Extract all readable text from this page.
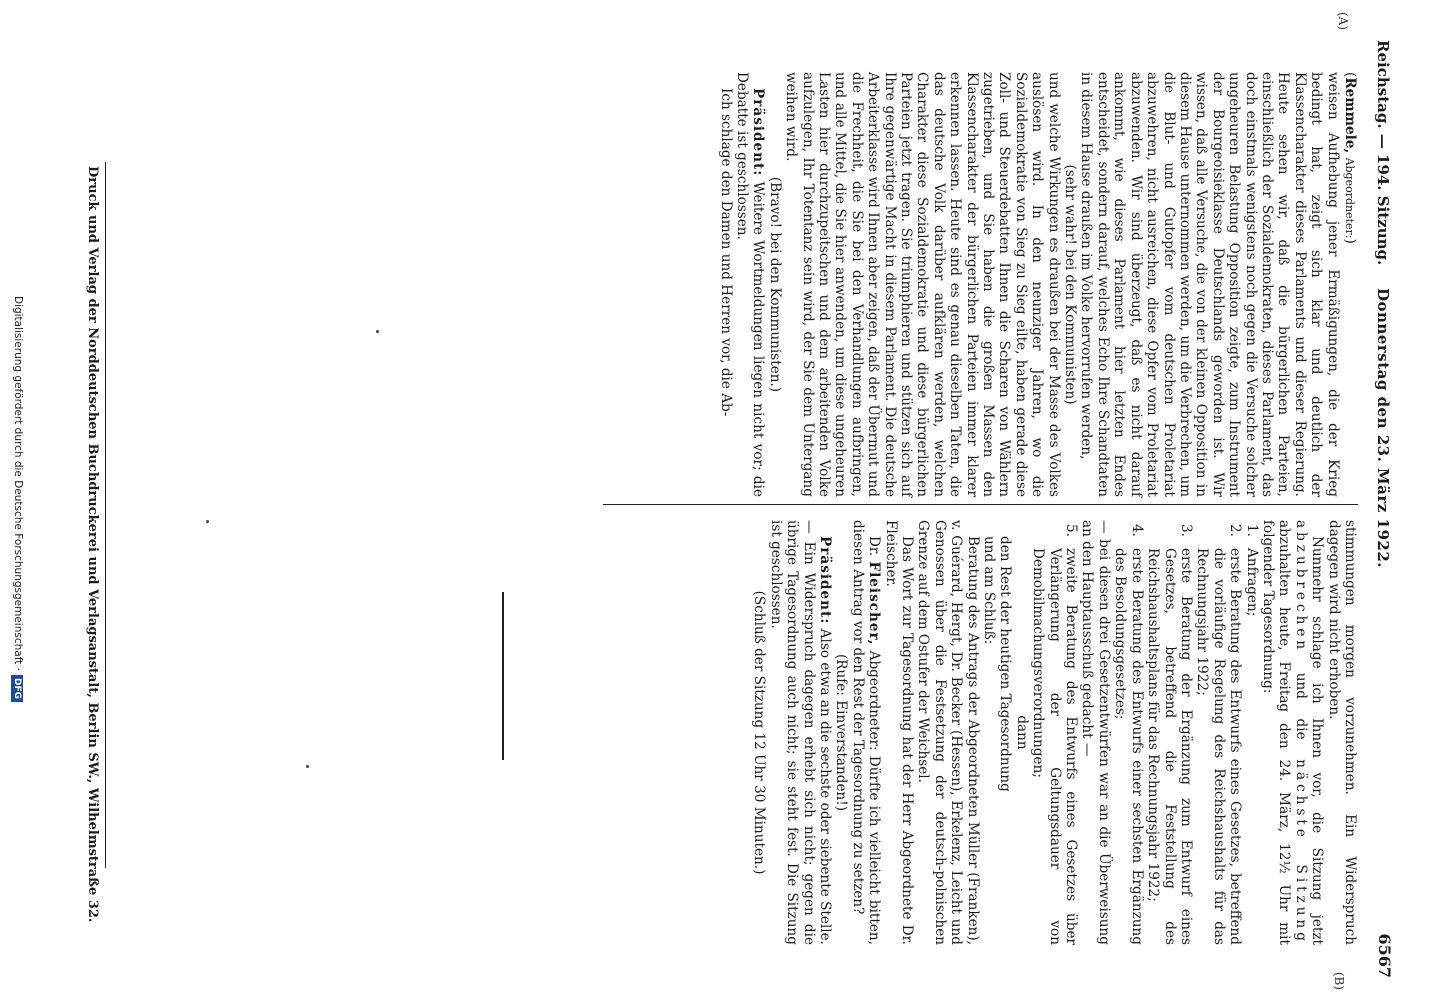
Reichstag. — 194. Sitzung.
Donnerstag den 23. März 1922.
6567
(A)
(B)

(Remmele, Abgeordneter:)

weisen Aufhebung jener Ermäßigungen, die der Krieg bedingt hat, zeigt sich klar und deutlich der Klassencharakter dieses Parlaments und dieser Regierung. Heute sehen wir, daß die bürgerlichen Parteien, einschließlich der Sozialdemokraten, dieses Parlament, das doch einstmals wenigstens noch gegen die Versuche solcher ungeheuren Belastung Opposition zeigte, zum Instrument der Bourgeoisieklasse Deutschlands geworden ist. Wir wissen, daß alle Versuche, die von der kleinen Opposition in diesem Hause unternommen werden, um die Verbrechen, um die Blut- und Gutopfer vom deutschen Proletariat abzuwehren, nicht ausreichen, diese Opfer vom Proletariat abzuwenden. Wir sind überzeugt, daß es nicht darauf ankommt, wie dieses Parlament hier letzten Endes entscheidet, sondern darauf, welches Echo Ihre Schandtaten in diesem Hause draußen im Volke hervorrufen werden,

(sehr wahr! bei den Kommunisten)

und welche Wirkungen es draußen bei der Masse des Volkes auslösen wird. In den neunziger Jahren, wo die Sozialdemokratie von Sieg zu Sieg eilte, haben gerade diese Zoll- und Steuerdebatten Ihnen die Scharen von Wählern zugetrieben, und Sie haben die großen Massen den Klassencharakter der bürgerlichen Parteien immer klarer erkennen lassen. Heute sind es genau dieselben Taten, die das deutsche Volk darüber aufklären werden, welchen Charakter diese Sozialdemokratie und diese bürgerlichen Parteien jetzt tragen. Sie triumphieren und stützen sich auf Ihre gegenwärtige Macht in diesem Parlament. Die deutsche Arbeiterklasse wird Ihnen aber zeigen, daß der Übermut und die Frechheit, die Sie bei den Verhandlungen aufbringen, und alle Mittel, die Sie hier anwenden, um diese ungeheuren Lasten hier durchzupeitschen und dem arbeitenden Volke aufzulegen, Ihr Totentanz sein wird, der Sie dem Untergang weihen wird.

(Bravo! bei den Kommunisten.)

Präsident: Weitere Wortmeldungen liegen nicht vor; die Debatte ist geschlossen.

Ich schlage den Damen und Herren vor, die Ab-

stimmungen morgen vorzunehmen. Ein Widerspruch dagegen wird nicht erhoben.

Nunmehr schlage ich Ihnen vor, die Sitzung jetzt abzubrechen und die nächste Sitzung abzuhalten heute, Freitag den 24. März, 12½ Uhr mit folgender Tagesordnung:

1.
Anfragen;

2.
erste Beratung des Entwurfs eines Gesetzes, betreffend die vorläufige Regelung des Reichshaushalts für das Rechnungsjahr 1922;

3.
erste Beratung der Ergänzung zum Entwurf eines Gesetzes, betreffend die Feststellung des Reichshaushaltsplans für das Rechnungsjahr 1922;

4.
erste Beratung des Entwurfs einer sechsten Ergänzung des Besoldungsgesetzes;

— bei diesen drei Gesetzentwürfen war an die Überweisung an den Hauptausschuß gedacht —

5.
zweite Beratung des Entwurfs eines Gesetzes über Verlängerung der Geltungsdauer von Demobilmachungsverordnungen;

dann

den Rest der heutigen Tagesordnung

und am Schluß:

Beratung des Antrags der Abgeordneten Müller (Franken), v. Guérard, Hergt, Dr. Becker (Hessen), Erkelenz, Leicht und Genossen über die Festsetzung der deutsch-polnischen Grenze auf dem Ostufer der Weichsel.

Das Wort zur Tagesordnung hat der Herr Abgeordnete Dr. Fleischer.

Dr. Fleischer, Abgeordneter: Dürfte ich vielleicht bitten, diesen Antrag vor den Rest der Tagesordnung zu setzen?

(Rufe: Einverstanden!)

Präsident: Also etwa an die sechste oder siebente Stelle. — Ein Widerspruch dagegen erhebt sich nicht; gegen die übrige Tagesordnung auch nicht; sie steht fest. Die Sitzung ist geschlossen.

(Schluß der Sitzung 12 Uhr 30 Minuten.)

Druck und Verlag der Norddeutschen Buchdruckerei und Verlagsanstalt, Berlin SW., Wilhelmstraße 32.
Digitalisierung gefördert durch die Deutsche Forschungsgemeinschaft ·DFG
